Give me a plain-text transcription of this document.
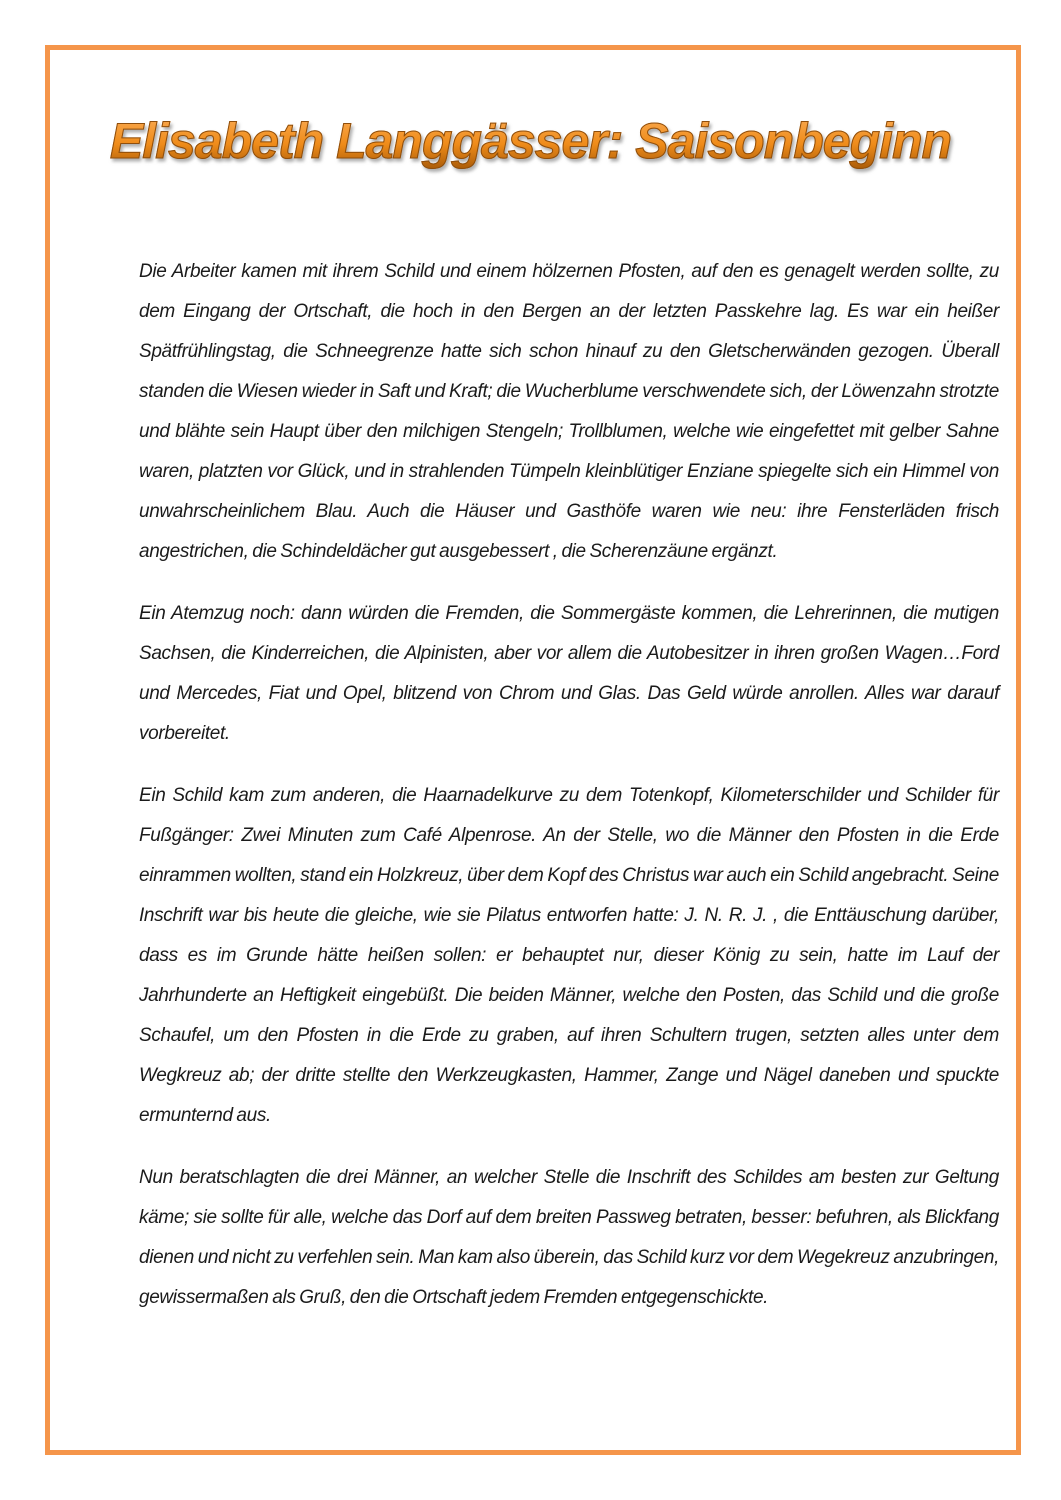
Elisabeth Langgässer: Saisonbeginn

Die Arbeiter kamen mit ihrem Schild und einem hölzernen Pfosten, auf den es genagelt werden sollte, zu dem Eingang der Ortschaft, die hoch in den Bergen an der letzten Passkehre lag. Es war ein heißer Spätfrühlingstag, die Schneegrenze hatte sich schon hinauf zu den Gletscherwänden gezogen. Überall standen die Wiesen wieder in Saft und Kraft; die Wucherblume verschwendete sich, der Löwenzahn strotzte und blähte sein Haupt über den milchigen Stengeln; Trollblumen, welche wie eingefettet mit gelber Sahne waren, platzten vor Glück, und in strahlenden Tümpeln kleinblütiger Enziane spiegelte sich ein Himmel von unwahrscheinlichem Blau. Auch die Häuser und Gasthöfe waren wie neu: ihre Fensterläden frisch angestrichen, die Schindeldächer gut ausgebessert , die Scherenzäune ergänzt.

Ein Atemzug noch: dann würden die Fremden, die Sommergäste kommen, die Lehrerinnen, die mutigen Sachsen, die Kinderreichen, die Alpinisten, aber vor allem die Autobesitzer in ihren großen Wagen…Ford und Mercedes, Fiat und Opel, blitzend von Chrom und Glas. Das Geld würde anrollen. Alles war darauf vorbereitet.

Ein Schild kam zum anderen, die Haarnadelkurve zu dem Totenkopf, Kilometerschilder und Schilder für Fußgänger: Zwei Minuten zum Café Alpenrose. An der Stelle, wo die Männer den Pfosten in die Erde einrammen wollten, stand ein Holzkreuz, über dem Kopf des Christus war auch ein Schild angebracht. Seine Inschrift war bis heute die gleiche, wie sie Pilatus entworfen hatte: J. N. R. J. , die Enttäuschung darüber, dass es im Grunde hätte heißen sollen: er behauptet nur, dieser König zu sein, hatte im Lauf der Jahrhunderte an Heftigkeit eingebüßt. Die beiden Männer, welche den Posten, das Schild und die große Schaufel, um den Pfosten in die Erde zu graben, auf ihren Schultern trugen, setzten alles unter dem Wegkreuz ab; der dritte stellte den Werkzeugkasten, Hammer, Zange und Nägel daneben und spuckte ermunternd aus.

Nun beratschlagten die drei Männer, an welcher Stelle die Inschrift des Schildes am besten zur Geltung käme; sie sollte für alle, welche das Dorf auf dem breiten Passweg betraten, besser: befuhren, als Blickfang dienen und nicht zu verfehlen sein. Man kam also überein, das Schild kurz vor dem Wegekreuz anzubringen, gewissermaßen als Gruß, den die Ortschaft jedem Fremden entgegenschickte.
